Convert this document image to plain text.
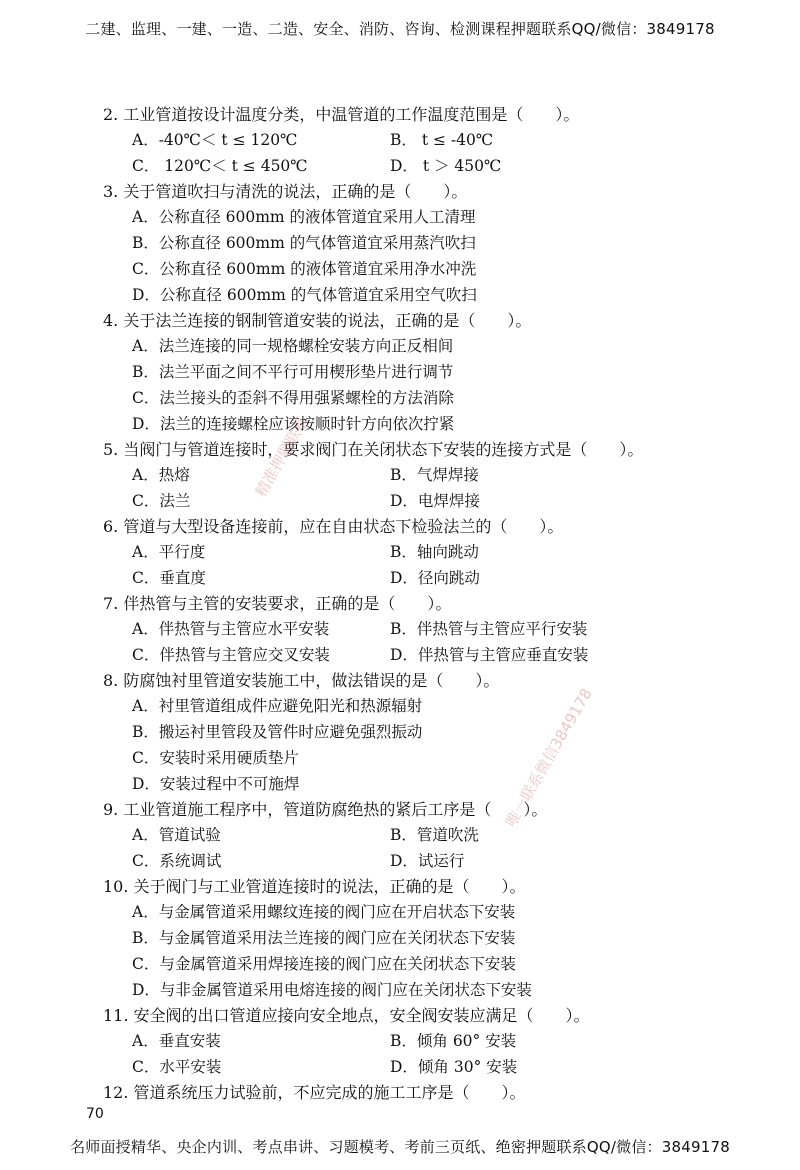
二建、监理、一建、一造、二造、安全、消防、咨询、检测课程押题联系QQ/微信：3849178
2. 工业管道按设计温度分类，中温管道的工作温度范围是（　　）。
A．-40℃＜ t ≤ 120℃	B． t ≤ -40℃
C． 120℃＜ t ≤ 450℃	D． t ＞ 450℃
3. 关于管道吹扫与清洗的说法，正确的是（　　）。
A．公称直径 600mm 的液体管道宜采用人工清理
B．公称直径 600mm 的气体管道宜采用蒸汽吹扫
C．公称直径 600mm 的液体管道宜采用净水冲洗
D．公称直径 600mm 的气体管道宜采用空气吹扫
4. 关于法兰连接的钢制管道安装的说法，正确的是（　　）。
A．法兰连接的同一规格螺栓安装方向正反相间
B．法兰平面之间不平行可用楔形垫片进行调节
C．法兰接头的歪斜不得用强紧螺栓的方法消除
D．法兰的连接螺栓应该按顺时针方向依次拧紧
5. 当阀门与管道连接时，要求阀门在关闭状态下安装的连接方式是（　　）。
A．热熔	B．气焊焊接
C．法兰	D．电焊焊接
6. 管道与大型设备连接前，应在自由状态下检验法兰的（　　）。
A．平行度	B．轴向跳动
C．垂直度	D．径向跳动
7. 伴热管与主管的安装要求，正确的是（　　）。
A．伴热管与主管应水平安装	B．伴热管与主管应平行安装
C．伴热管与主管应交叉安装	D．伴热管与主管应垂直安装
8. 防腐蚀衬里管道安装施工中，做法错误的是（　　）。
A．衬里管道组成件应避免阳光和热源辐射
B．搬运衬里管段及管件时应避免强烈振动
C．安装时采用硬质垫片
D．安装过程中不可施焊
9. 工业管道施工程序中，管道防腐绝热的紧后工序是（　　）。
A．管道试验	B．管道吹洗
C．系统调试	D．试运行
10. 关于阀门与工业管道连接时的说法，正确的是（　　）。
A．与金属管道采用螺纹连接的阀门应在开启状态下安装
B．与金属管道采用法兰连接的阀门应在关闭状态下安装
C．与金属管道采用焊接连接的阀门应在关闭状态下安装
D．与非金属管道采用电熔连接的阀门应在关闭状态下安装
11. 安全阀的出口管道应接向安全地点，安全阀安装应满足（　　）。
A．垂直安装	B．倾角 60° 安装
C．水平安装	D．倾角 30° 安装
12. 管道系统压力试验前，不应完成的施工工序是（　　）。
精准押题联系
唯一联系微信3849178
70
名师面授精华、央企内训、考点串讲、习题模考、考前三页纸、绝密押题联系QQ/微信：3849178
